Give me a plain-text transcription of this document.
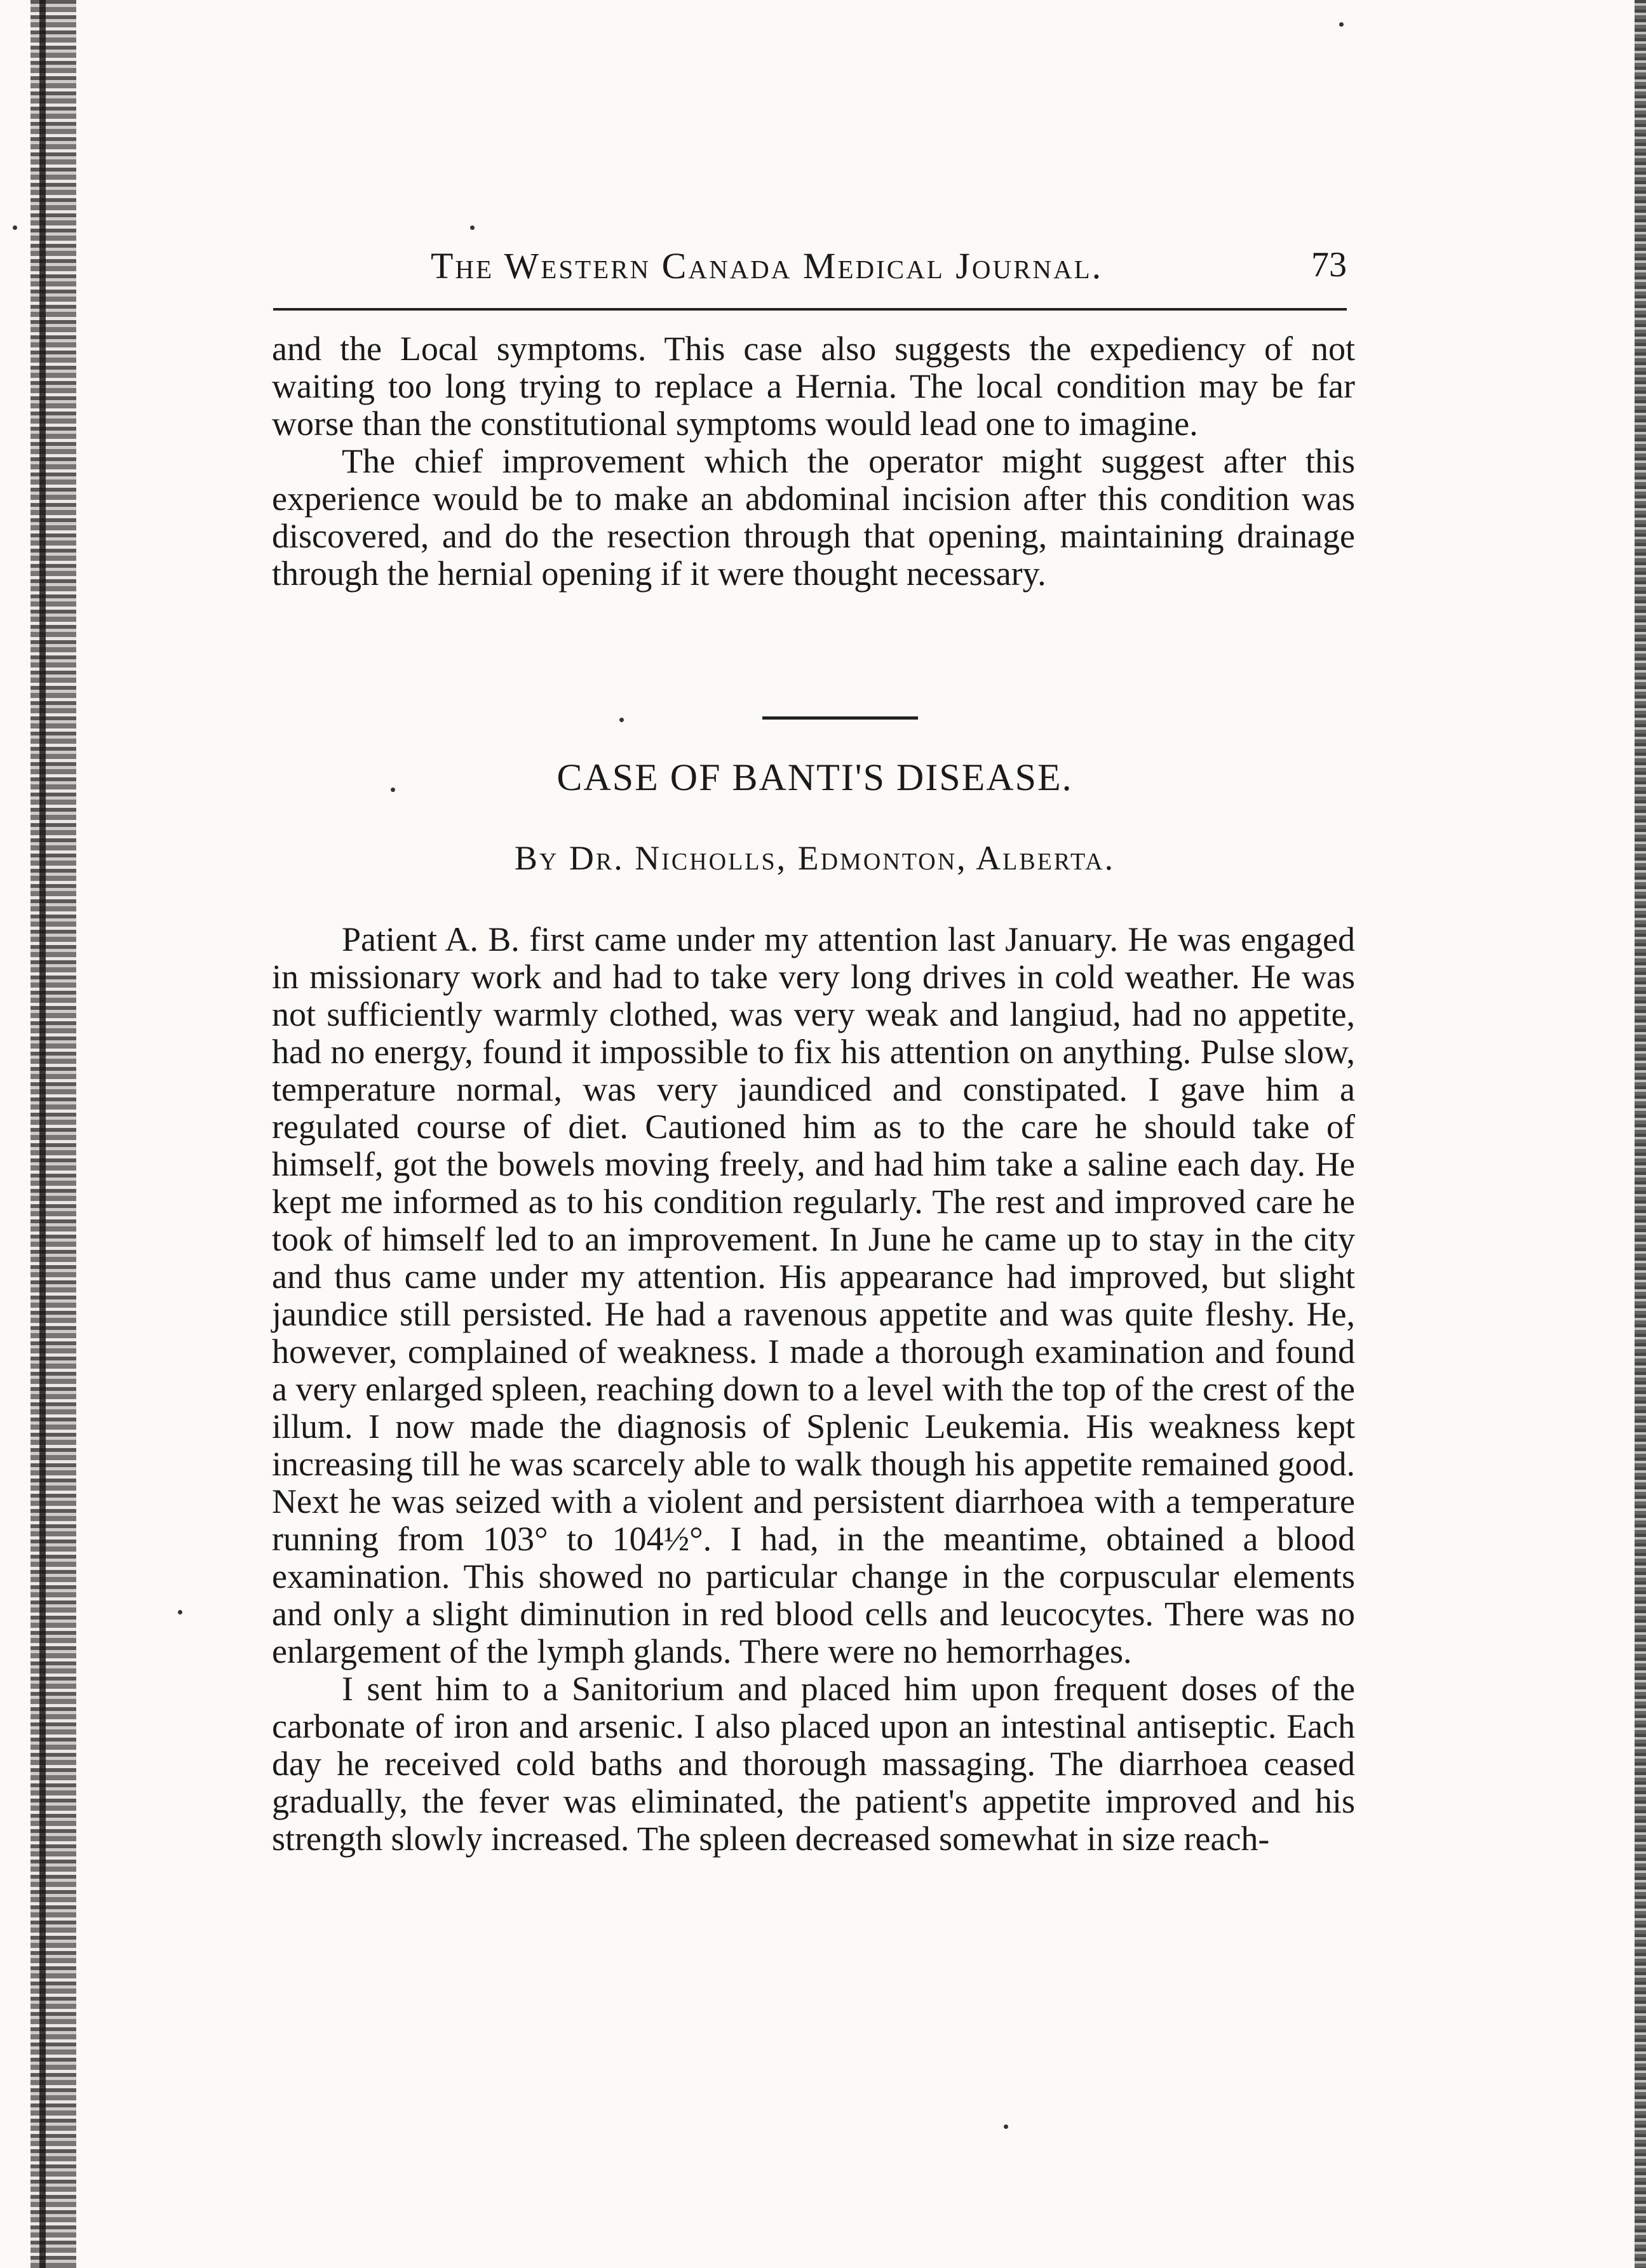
The Western Canada Medical Journal.	73

and the Local symptoms. This case also suggests the expediency of not waiting too long trying to replace a Hernia. The local condition may be far worse than the constitutional symptoms would lead one to imagine.

The chief improvement which the operator might suggest after this experience would be to make an abdominal incision after this condition was discovered, and do the resection through that opening, maintaining drainage through the hernial opening if it were thought necessary.

CASE OF BANTI'S DISEASE.
By Dr. Nicholls, Edmonton, Alberta.

Patient A. B. first came under my attention last January. He was engaged in missionary work and had to take very long drives in cold weather. He was not sufficiently warmly clothed, was very weak and langiud, had no appetite, had no energy, found it impossible to fix his attention on anything. Pulse slow, temperature normal, was very jaundiced and constipated. I gave him a regulated course of diet. Cautioned him as to the care he should take of himself, got the bowels moving freely, and had him take a saline each day. He kept me informed as to his condition regularly. The rest and improved care he took of himself led to an improvement. In June he came up to stay in the city and thus came under my attention. His appearance had improved, but slight jaundice still persisted. He had a ravenous appetite and was quite fleshy. He, however, complained of weakness. I made a thorough examination and found a very enlarged spleen, reaching down to a level with the top of the crest of the illum. I now made the diagnosis of Splenic Leukemia. His weakness kept increasing till he was scarcely able to walk though his appetite remained good. Next he was seized with a violent and persistent diarrhoea with a temperature running from 103° to 104½°. I had, in the meantime, obtained a blood examination. This showed no particular change in the corpuscular elements and only a slight diminution in red blood cells and leucocytes. There was no enlargement of the lymph glands. There were no hemorrhages.

I sent him to a Sanitorium and placed him upon frequent doses of the carbonate of iron and arsenic. I also placed upon an intestinal antiseptic. Each day he received cold baths and thorough massaging. The diarrhoea ceased gradually, the fever was eliminated, the patient's appetite improved and his strength slowly increased. The spleen decreased somewhat in size reach-
